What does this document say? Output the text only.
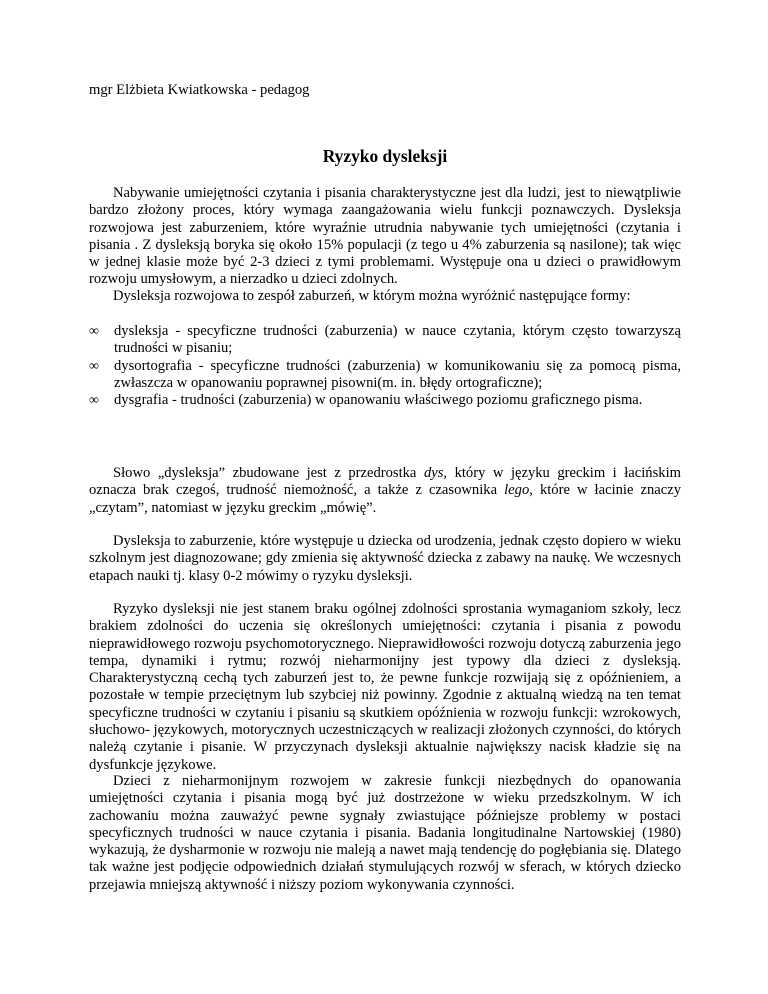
mgr Elżbieta Kwiatkowska - pedagog
Ryzyko dysleksji

Nabywanie umiejętności czytania i pisania charakterystyczne jest dla ludzi, jest to niewątpliwie bardzo złożony proces, który wymaga zaangażowania wielu funkcji poznawczych. Dysleksja rozwojowa jest zaburzeniem, które wyraźnie utrudnia nabywanie tych umiejętności (czytania i pisania . Z dysleksją boryka się około 15% populacji (z tego u 4% zaburzenia są nasilone); tak więc w jednej klasie może być 2-3 dzieci z tymi problemami. Występuje ona u dzieci o prawidłowym rozwoju umysłowym, a nierzadko u dzieci zdolnych.

Dysleksja rozwojowa to zespół zaburzeń, w którym można wyróżnić następujące formy:

∞	dysleksja - specyficzne trudności (zaburzenia) w nauce czytania, którym często towarzyszą trudności w pisaniu;
∞	dysortografia - specyficzne trudności (zaburzenia) w komunikowaniu się za pomocą pisma, zwłaszcza w opanowaniu poprawnej pisowni(m. in. błędy ortograficzne);
∞	dysgrafia - trudności (zaburzenia) w opanowaniu właściwego poziomu graficznego pisma.

Słowo „dysleksja” zbudowane jest z przedrostka dys, który w języku greckim i łacińskim oznacza brak czegoś, trudność niemożność, a także z czasownika lego, które w łacinie znaczy „czytam”, natomiast w języku greckim „mówię”.

Dysleksja to zaburzenie, które występuje u dziecka od urodzenia, jednak często dopiero w wieku szkolnym jest diagnozowane; gdy zmienia się aktywność dziecka z zabawy na naukę. We wczesnych etapach nauki tj. klasy 0-2 mówimy o ryzyku dysleksji.

Ryzyko dysleksji nie jest stanem braku ogólnej zdolności sprostania wymaganiom szkoły, lecz brakiem zdolności do uczenia się określonych umiejętności: czytania i pisania z powodu nieprawidłowego rozwoju psychomotorycznego. Nieprawidłowości rozwoju dotyczą zaburzenia jego tempa, dynamiki i rytmu; rozwój nieharmonijny jest typowy dla dzieci z dysleksją. Charakterystyczną cechą tych zaburzeń jest to, że pewne funkcje rozwijają się z opóźnieniem, a pozostałe w tempie przeciętnym lub szybciej niż powinny. Zgodnie z aktualną wiedzą na ten temat specyficzne trudności w czytaniu i pisaniu są skutkiem opóźnienia w rozwoju funkcji: wzrokowych, słuchowo- językowych, motorycznych uczestniczących w realizacji złożonych czynności, do których należą czytanie i pisanie. W przyczynach dysleksji aktualnie największy nacisk kładzie się na dysfunkcje językowe.

Dzieci z nieharmonijnym rozwojem w zakresie funkcji niezbędnych do opanowania umiejętności czytania i pisania mogą być już dostrzeżone w wieku przedszkolnym. W ich zachowaniu można zauważyć pewne sygnały zwiastujące późniejsze problemy w postaci specyficznych trudności w nauce czytania i pisania. Badania longitudinalne Nartowskiej (1980) wykazują, że dysharmonie w rozwoju nie maleją a nawet mają tendencję do pogłębiania się. Dlatego tak ważne jest podjęcie odpowiednich działań stymulujących rozwój w sferach, w których dziecko przejawia mniejszą aktywność i niższy poziom wykonywania czynności.
